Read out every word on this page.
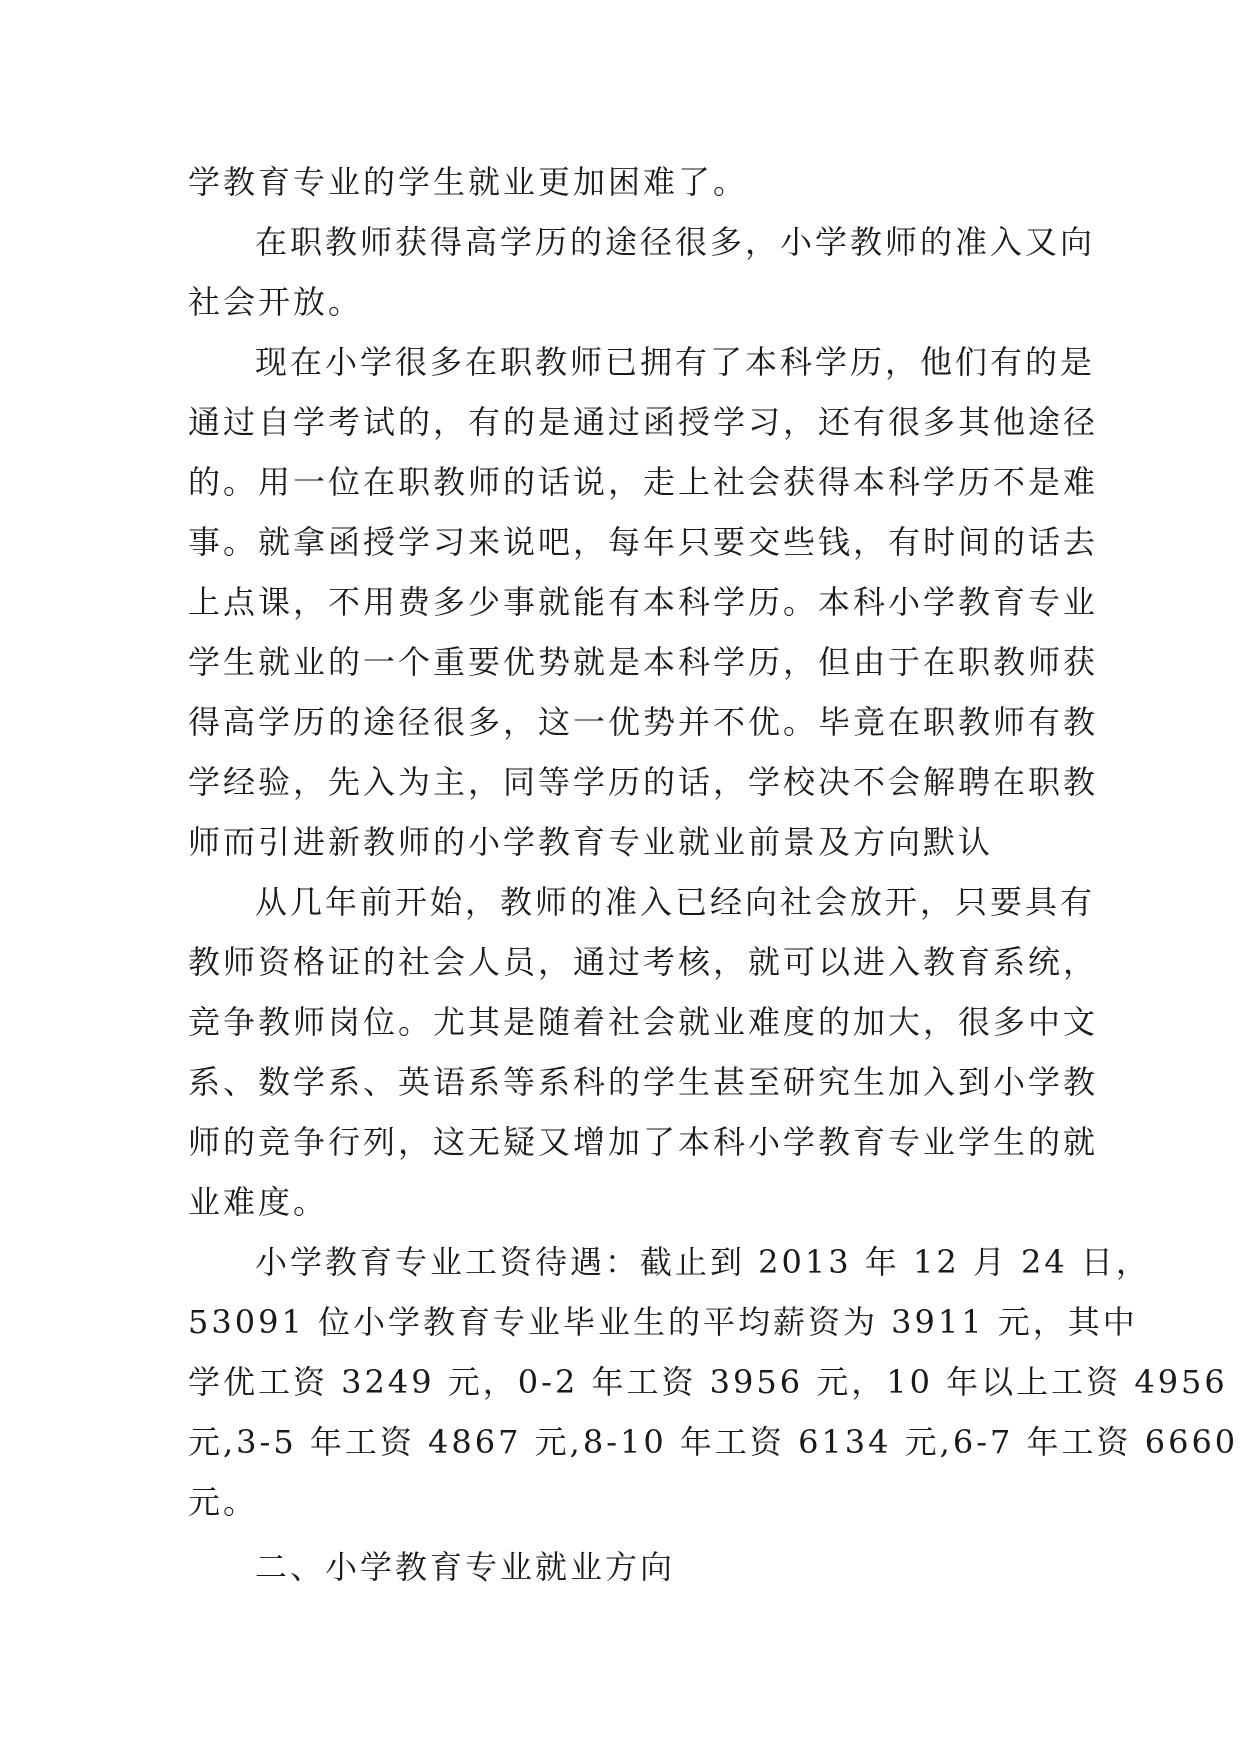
学教育专业的学生就业更加困难了。
在职教师获得高学历的途径很多，小学教师的准入又向
社会开放。
现在小学很多在职教师已拥有了本科学历，他们有的是
通过自学考试的，有的是通过函授学习，还有很多其他途径
的。用一位在职教师的话说，走上社会获得本科学历不是难
事。就拿函授学习来说吧，每年只要交些钱，有时间的话去
上点课，不用费多少事就能有本科学历。本科小学教育专业
学生就业的一个重要优势就是本科学历，但由于在职教师获
得高学历的途径很多，这一优势并不优。毕竟在职教师有教
学经验，先入为主，同等学历的话，学校决不会解聘在职教
师而引进新教师的小学教育专业就业前景及方向默认
从几年前开始，教师的准入已经向社会放开，只要具有
教师资格证的社会人员，通过考核，就可以进入教育系统，
竞争教师岗位。尤其是随着社会就业难度的加大，很多中文
系、数学系、英语系等系科的学生甚至研究生加入到小学教
师的竞争行列，这无疑又增加了本科小学教育专业学生的就
业难度。
小学教育专业工资待遇：截止到 2013 年 12 月 24 日，
53091 位小学教育专业毕业生的平均薪资为 3911 元，其中
学优工资 3249 元，0-2 年工资 3956 元，10 年以上工资 4956
元,3-5 年工资 4867 元,8-10 年工资 6134 元,6-7 年工资 6660
元。
二、小学教育专业就业方向
